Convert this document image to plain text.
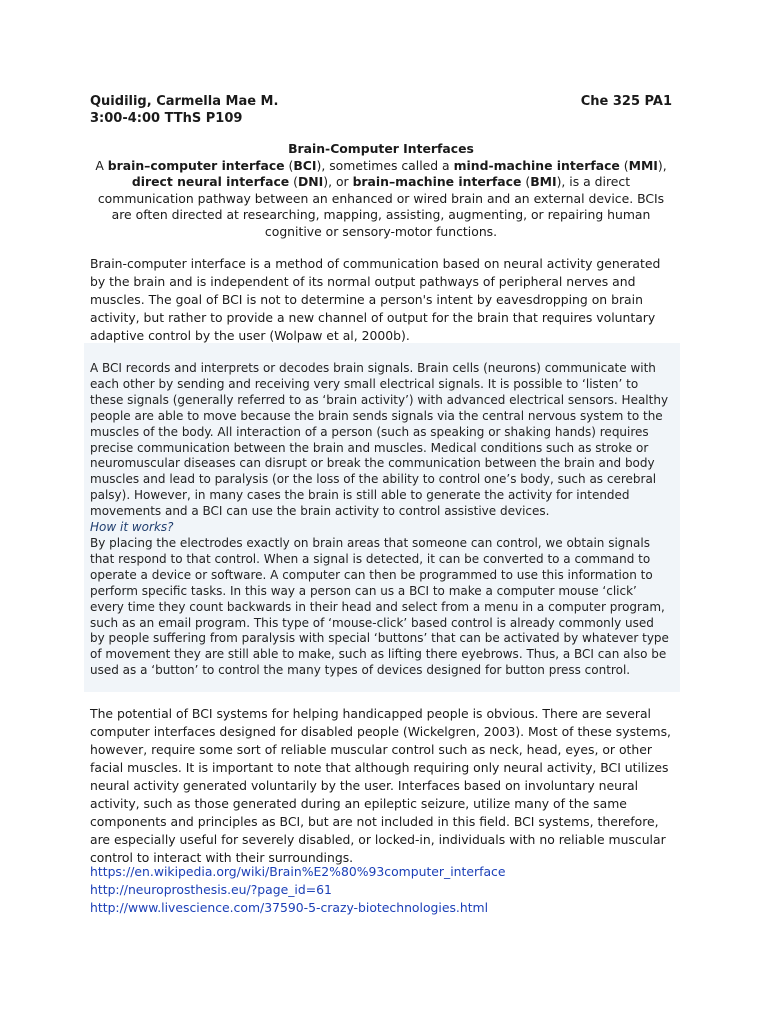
Quidilig, Carmella Mae M.
3:00-4:00 TThS P109
Che 325 PA1
Brain-Computer Interfaces
A brain–computer interface (BCI), sometimes called a mind-machine interface (MMI), direct neural interface (DNI), or brain–machine interface (BMI), is a direct communication pathway between an enhanced or wired brain and an external device. BCIs are often directed at researching, mapping, assisting, augmenting, or repairing human cognitive or sensory-motor functions.
Brain-computer interface is a method of communication based on neural activity generated by the brain and is independent of its normal output pathways of peripheral nerves and muscles. The goal of BCI is not to determine a person's intent by eavesdropping on brain activity, but rather to provide a new channel of output for the brain that requires voluntary adaptive control by the user (Wolpaw et al, 2000b).
A BCI records and interprets or decodes brain signals. Brain cells (neurons) communicate with each other by sending and receiving very small electrical signals. It is possible to ‘listen’ to these signals (generally referred to as ‘brain activity’) with advanced electrical sensors. Healthy people are able to move because the brain sends signals via the central nervous system to the muscles of the body. All interaction of a person (such as speaking or shaking hands) requires precise communication between the brain and muscles. Medical conditions such as stroke or neuromuscular diseases can disrupt or break the communication between the brain and body muscles and lead to paralysis (or the loss of the ability to control one’s body, such as cerebral palsy). However, in many cases the brain is still able to generate the activity for intended movements and a BCI can use the brain activity to control assistive devices.
How it works?
By placing the electrodes exactly on brain areas that someone can control, we obtain signals that respond to that control. When a signal is detected, it can be converted to a command to operate a device or software. A computer can then be programmed to use this information to perform specific tasks. In this way a person can us a BCI to make a computer mouse ‘click’ every time they count backwards in their head and select from a menu in a computer program, such as an email program. This type of ‘mouse-click’ based control is already commonly used by people suffering from paralysis with special ‘buttons’ that can be activated by whatever type of movement they are still able to make, such as lifting there eyebrows. Thus, a BCI can also be used as a ‘button’ to control the many types of devices designed for button press control.
The potential of BCI systems for helping handicapped people is obvious. There are several computer interfaces designed for disabled people (Wickelgren, 2003). Most of these systems, however, require some sort of reliable muscular control such as neck, head, eyes, or other facial muscles. It is important to note that although requiring only neural activity, BCI utilizes neural activity generated voluntarily by the user. Interfaces based on involuntary neural activity, such as those generated during an epileptic seizure, utilize many of the same components and principles as BCI, but are not included in this field. BCI systems, therefore, are especially useful for severely disabled, or locked-in, individuals with no reliable muscular control to interact with their surroundings.
https://en.wikipedia.org/wiki/Brain%E2%80%93computer_interface
http://neuroprosthesis.eu/?page_id=61
http://www.livescience.com/37590-5-crazy-biotechnologies.html
